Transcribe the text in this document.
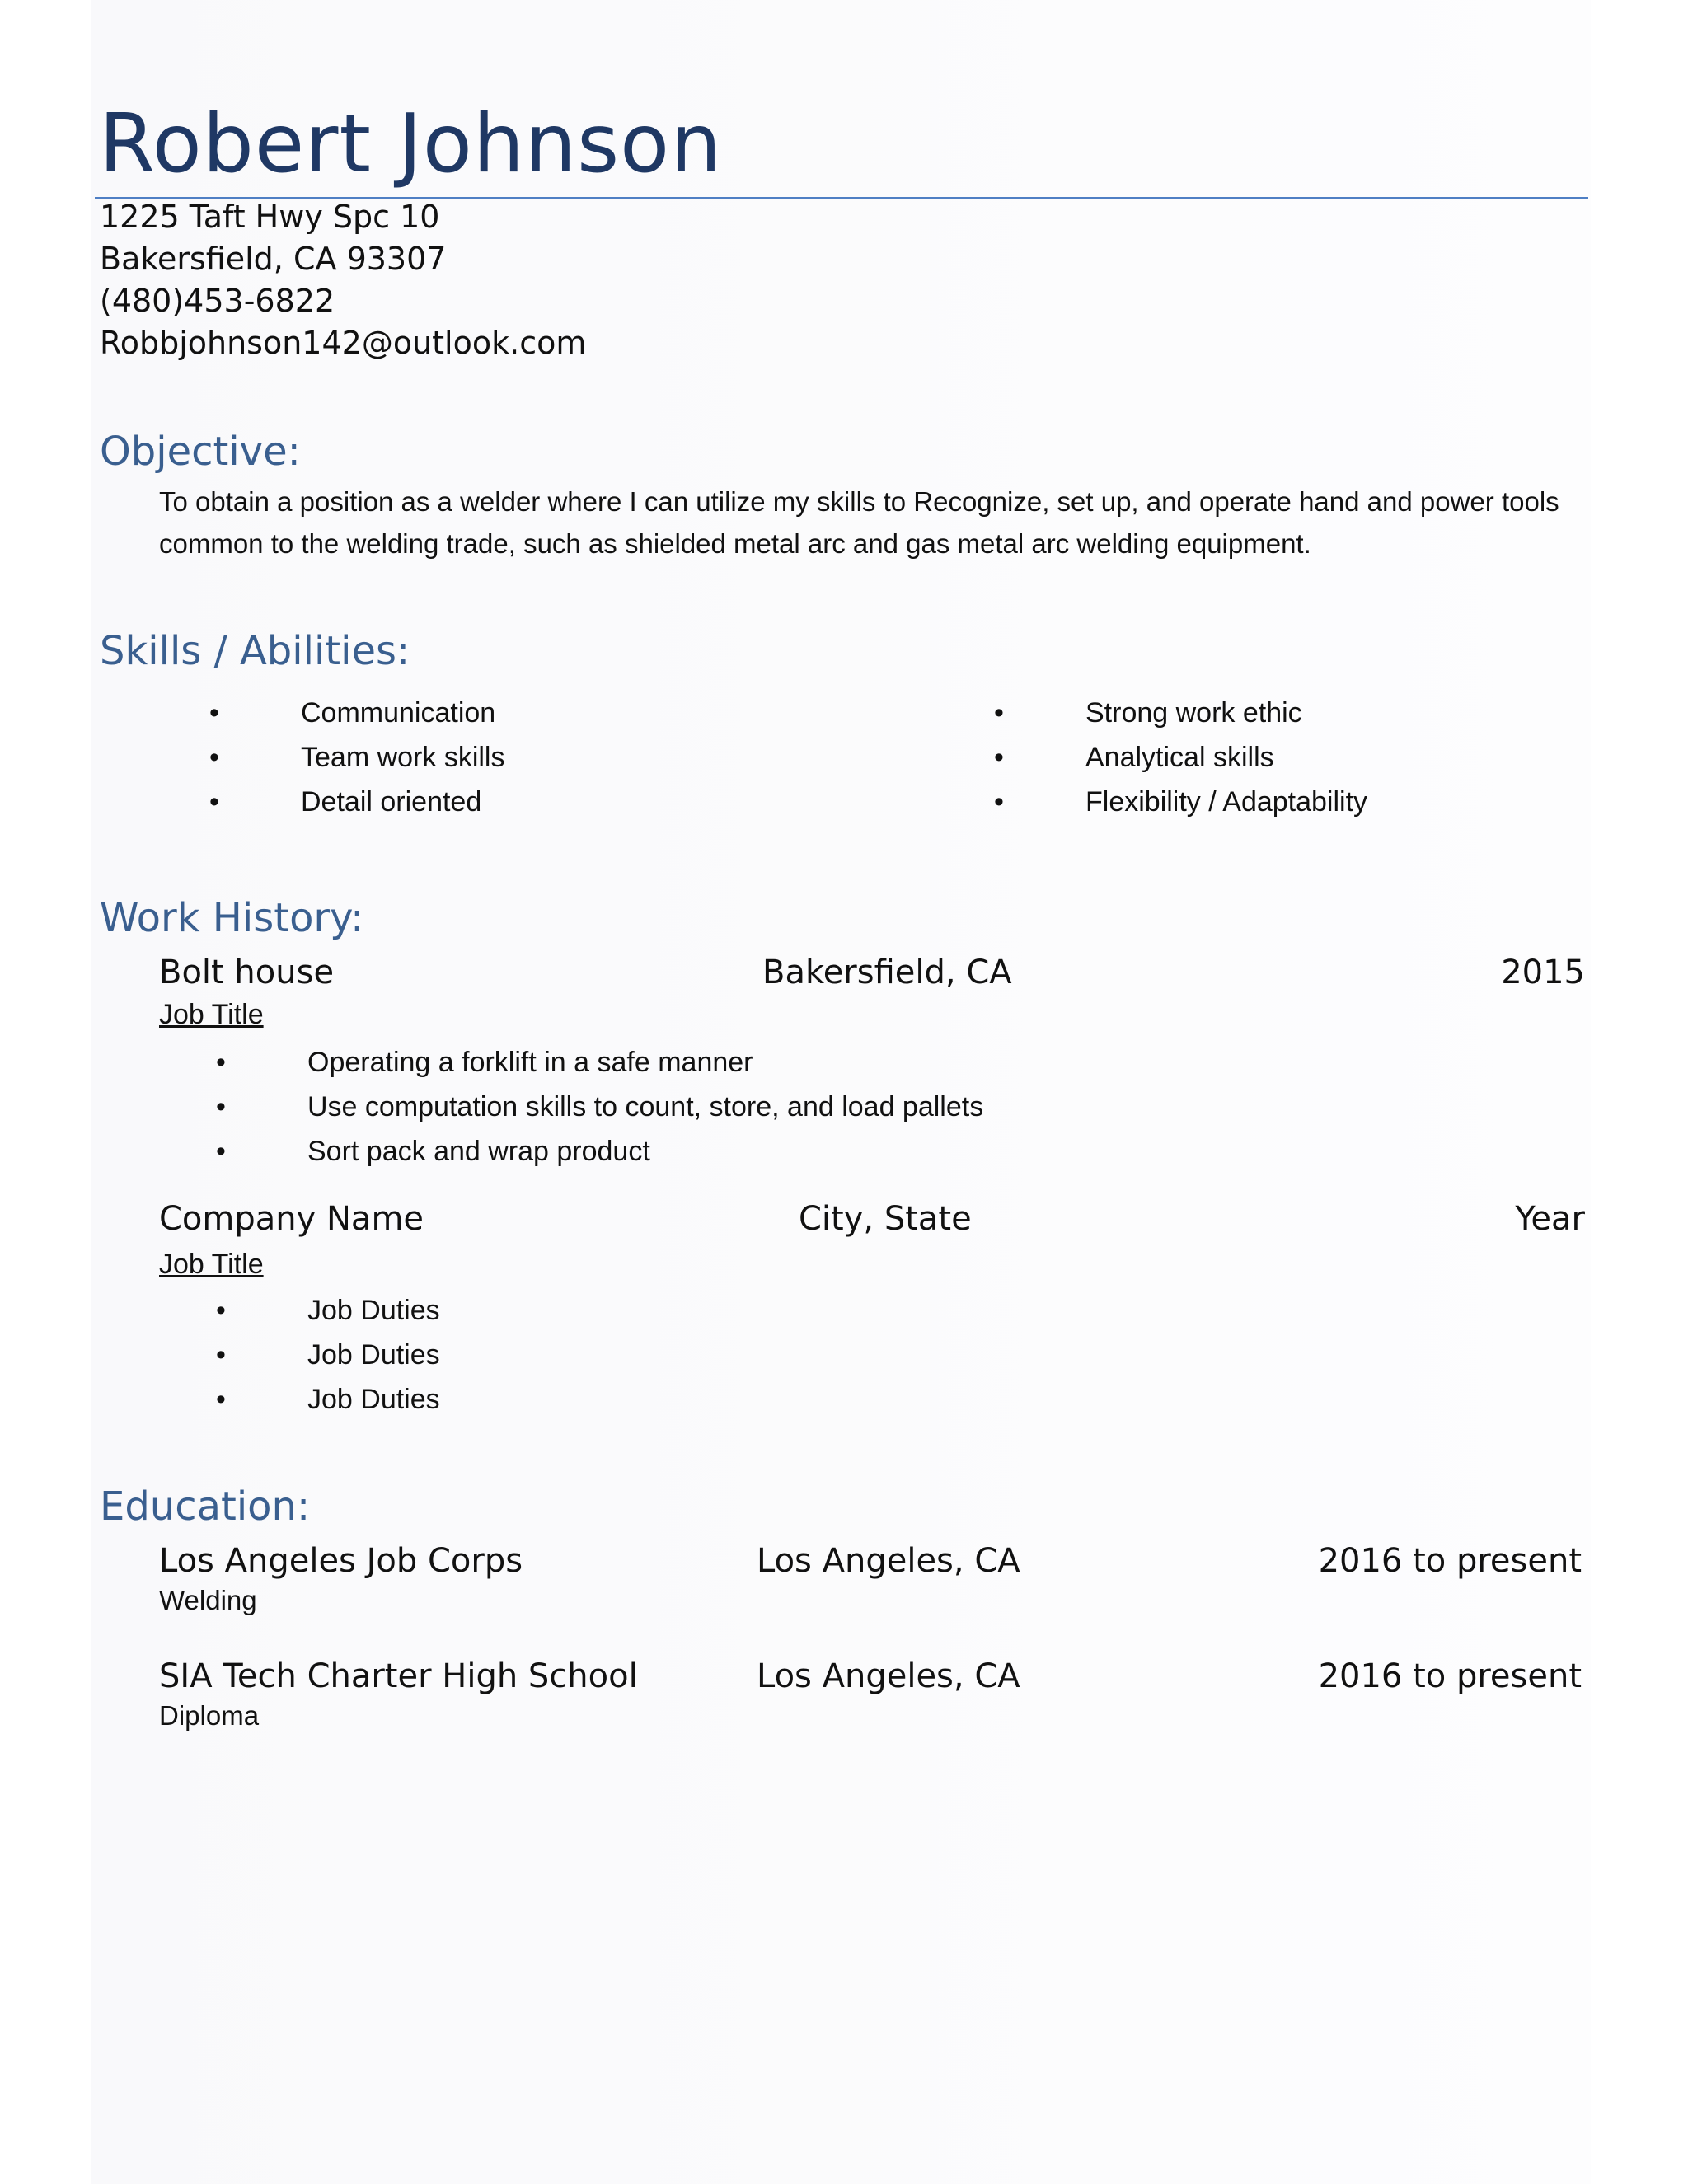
Robert Johnson
1225 Taft Hwy Spc 10
Bakersfield, CA 93307
(480)453-6822
Robbjohnson142@outlook.com
Objective:
To obtain a position as a welder where I can utilize my skills to Recognize, set up, and operate hand and power tools common to the welding trade, such as shielded metal arc and gas metal arc welding equipment.
Skills / Abilities:
•	Communication
•	Team work skills
•	Detail oriented
•	Strong work ethic
•	Analytical skills
•	Flexibility / Adaptability
Work History:
Bolt house	Bakersfield, CA	2015
Job Title
•	Operating a forklift in a safe manner
•	Use computation skills to count, store, and load pallets
•	Sort pack and wrap product
Company Name	City, State	Year
Job Title
•	Job Duties
•	Job Duties
•	Job Duties
Education:
Los Angeles Job Corps	Los Angeles, CA	2016 to present
Welding
SIA Tech Charter High School	Los Angeles, CA	2016 to present
Diploma
